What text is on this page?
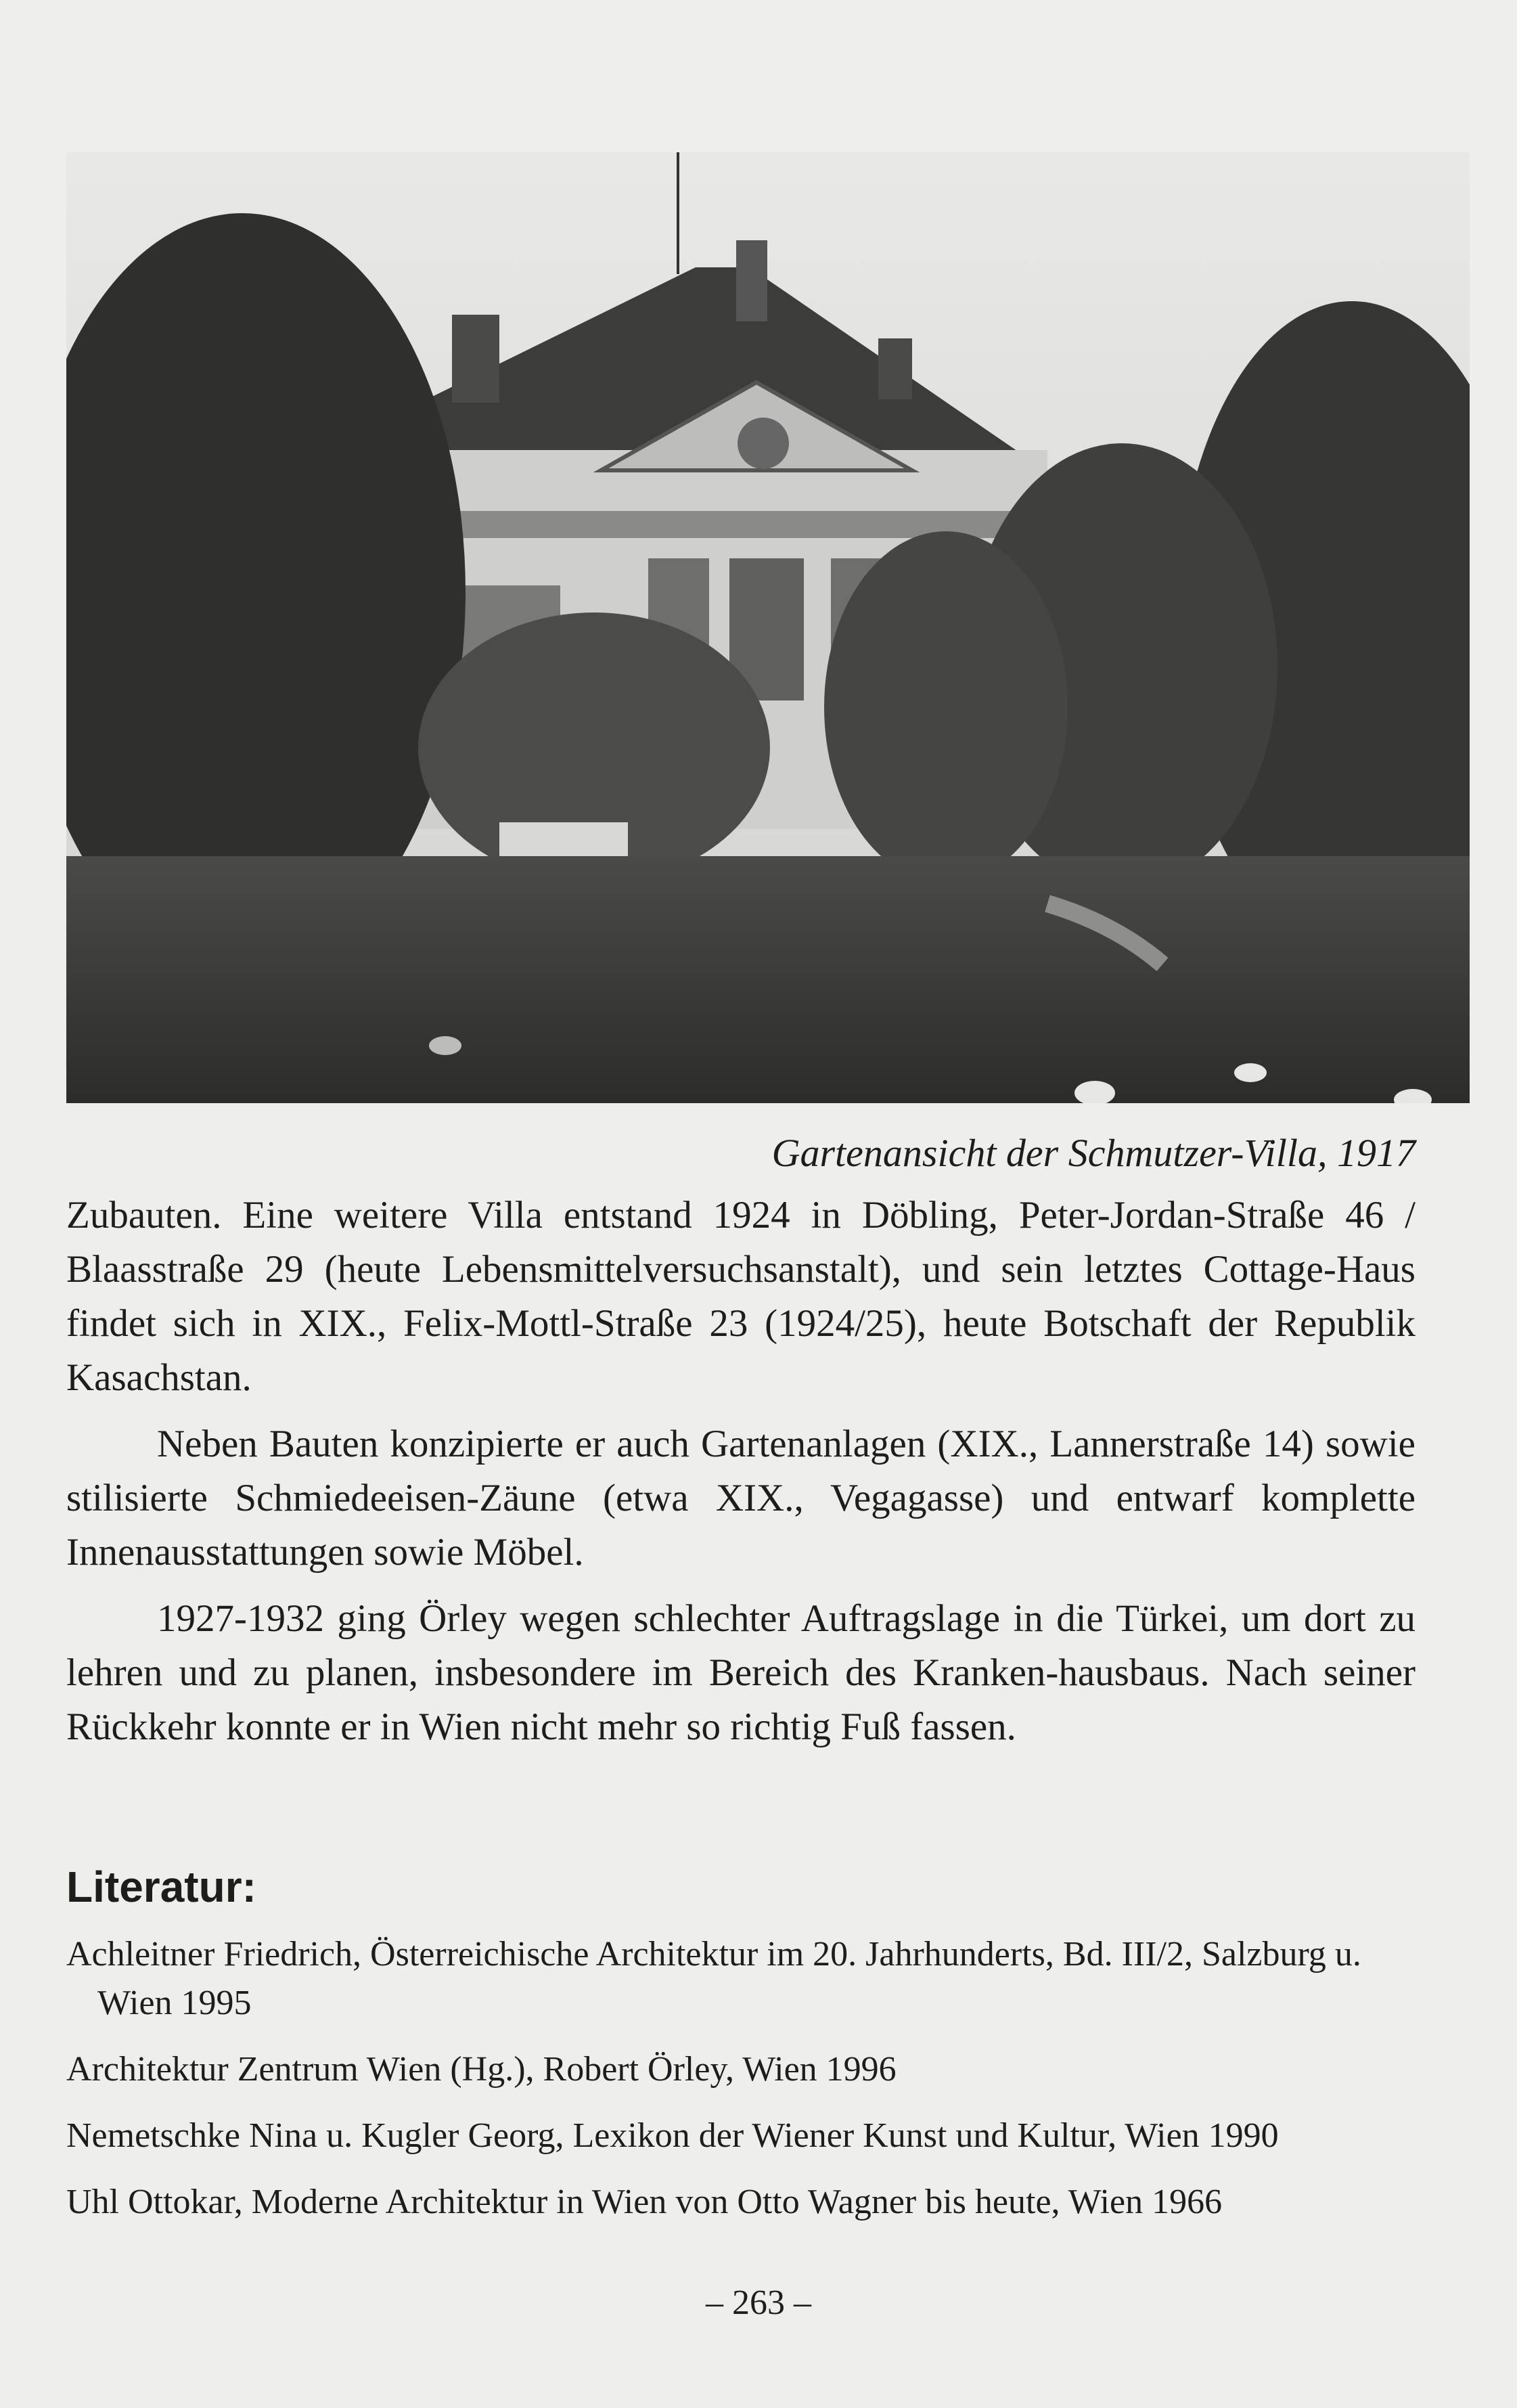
Gartenansicht der Schmutzer-Villa, 1917

Zubauten. Eine weitere Villa entstand 1924 in Döbling, Peter-Jordan-Straße 46 / Blaasstraße 29 (heute Lebensmittelversuchsanstalt), und sein letztes Cottage-Haus findet sich in XIX., Felix-Mottl-Straße 23 (1924/25), heute Botschaft der Republik Kasachstan.

Neben Bauten konzipierte er auch Gartenanlagen (XIX., Lannerstraße 14) sowie stilisierte Schmiedeeisen-Zäune (etwa XIX., Vegagasse) und entwarf komplette Innenausstattungen sowie Möbel.

1927-1932 ging Örley wegen schlechter Auftragslage in die Türkei, um dort zu lehren und zu planen, insbesondere im Bereich des Kranken-hausbaus. Nach seiner Rückkehr konnte er in Wien nicht mehr so richtig Fuß fassen.

Literatur:

Achleitner Friedrich, Österreichische Architektur im 20. Jahrhunderts, Bd. III/2, Salzburg u. Wien 1995

Architektur Zentrum Wien (Hg.), Robert Örley, Wien 1996

Nemetschke Nina u. Kugler Georg, Lexikon der Wiener Kunst und Kultur, Wien 1990

Uhl Ottokar, Moderne Architektur in Wien von Otto Wagner bis heute, Wien 1966

– 263 –
